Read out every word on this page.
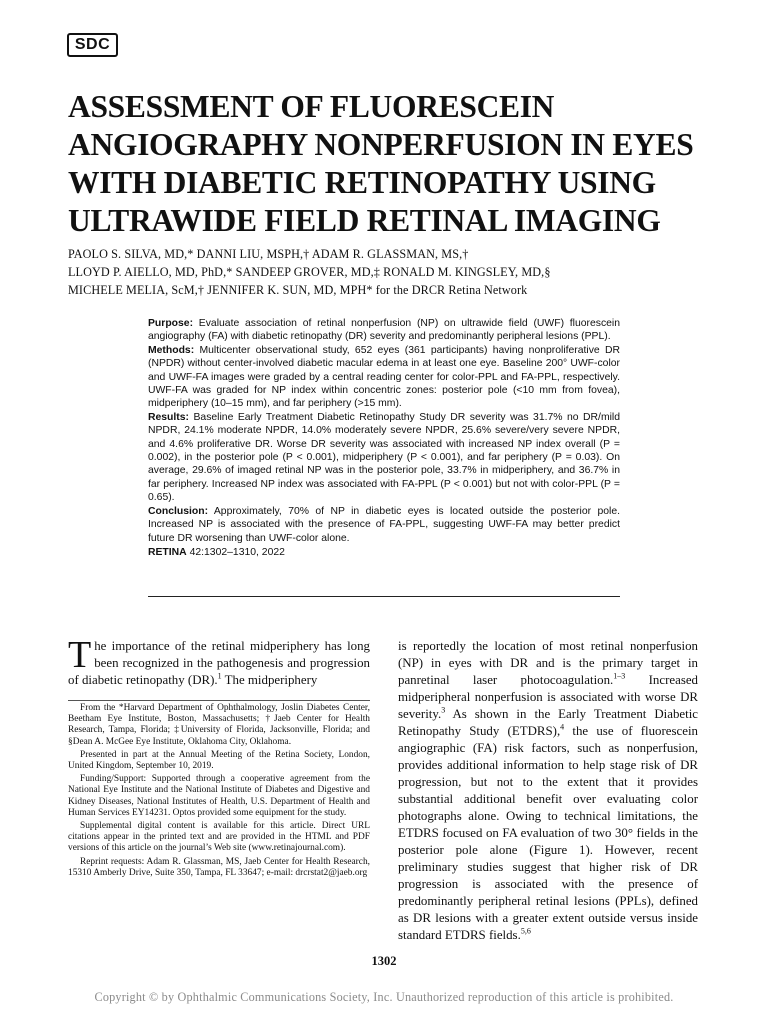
SDC
ASSESSMENT OF FLUORESCEIN
ANGIOGRAPHY NONPERFUSION IN EYES
WITH DIABETIC RETINOPATHY USING
ULTRAWIDE FIELD RETINAL IMAGING
PAOLO S. SILVA, MD,* DANNI LIU, MSPH,† ADAM R. GLASSMAN, MS,†
LLOYD P. AIELLO, MD, PhD,* SANDEEP GROVER, MD,‡ RONALD M. KINGSLEY, MD,§
MICHELE MELIA, ScM,† JENNIFER K. SUN, MD, MPH* for the DRCR Retina Network

Purpose: Evaluate association of retinal nonperfusion (NP) on ultrawide field (UWF) fluorescein angiography (FA) with diabetic retinopathy (DR) severity and predominantly peripheral lesions (PPL).

Methods: Multicenter observational study, 652 eyes (361 participants) having nonproliferative DR (NPDR) without center-involved diabetic macular edema in at least one eye. Baseline 200° UWF-color and UWF-FA images were graded by a central reading center for color-PPL and FA-PPL, respectively. UWF-FA was graded for NP index within concentric zones: posterior pole (<10 mm from fovea), midperiphery (10–15 mm), and far periphery (>15 mm).

Results: Baseline Early Treatment Diabetic Retinopathy Study DR severity was 31.7% no DR/mild NPDR, 24.1% moderate NPDR, 14.0% moderately severe NPDR, 25.6% severe/very severe NPDR, and 4.6% proliferative DR. Worse DR severity was associated with increased NP index overall (P = 0.002), in the posterior pole (P < 0.001), midperiphery (P < 0.001), and far periphery (P = 0.03). On average, 29.6% of imaged retinal NP was in the posterior pole, 33.7% in midperiphery, and 36.7% in far periphery. Increased NP index was associated with FA-PPL (P < 0.001) but not with color-PPL (P = 0.65).

Conclusion: Approximately, 70% of NP in diabetic eyes is located outside the posterior pole. Increased NP is associated with the presence of FA-PPL, suggesting UWF-FA may better predict future DR worsening than UWF-color alone.

RETINA 42:1302–1310, 2022

The importance of the retinal midperiphery has long been recognized in the pathogenesis and progression of diabetic retinopathy (DR).$^1$ The midperiphery

From the *Harvard Department of Ophthalmology, Joslin Diabetes Center, Beetham Eye Institute, Boston, Massachusetts; †Jaeb Center for Health Research, Tampa, Florida; ‡University of Florida, Jacksonville, Florida; and §Dean A. McGee Eye Institute, Oklahoma City, Oklahoma.

Presented in part at the Annual Meeting of the Retina Society, London, United Kingdom, September 10, 2019.

Funding/Support: Supported through a cooperative agreement from the National Eye Institute and the National Institute of Diabetes and Digestive and Kidney Diseases, National Institutes of Health, U.S. Department of Health and Human Services EY14231. Optos provided some equipment for the study.

Supplemental digital content is available for this article. Direct URL citations appear in the printed text and are provided in the HTML and PDF versions of this article on the journal’s Web site (www.retinajournal.com).

Reprint requests: Adam R. Glassman, MS, Jaeb Center for Health Research, 15310 Amberly Drive, Suite 350, Tampa, FL 33647; e-mail: drcrstat2@jaeb.org

is reportedly the location of most retinal nonperfusion (NP) in eyes with DR and is the primary target in panretinal laser photocoagulation.$^{1-3}$ Increased midperipheral nonperfusion is associated with worse DR severity.$^3$ As shown in the Early Treatment Diabetic Retinopathy Study (ETDRS),$^4$ the use of fluorescein angiographic (FA) risk factors, such as nonperfusion, provides additional information to help stage risk of DR progression, but not to the extent that it provides substantial additional benefit over evaluating color photographs alone. Owing to technical limitations, the ETDRS focused on FA evaluation of two 30° fields in the posterior pole alone (Figure 1). However, recent preliminary studies suggest that higher risk of DR progression is associated with the presence of predominantly peripheral retinal lesions (PPLs), defined as DR lesions with a greater extent outside versus inside standard ETDRS fields.$^{5,6}$

1302
Copyright © by Ophthalmic Communications Society, Inc. Unauthorized reproduction of this article is prohibited.
